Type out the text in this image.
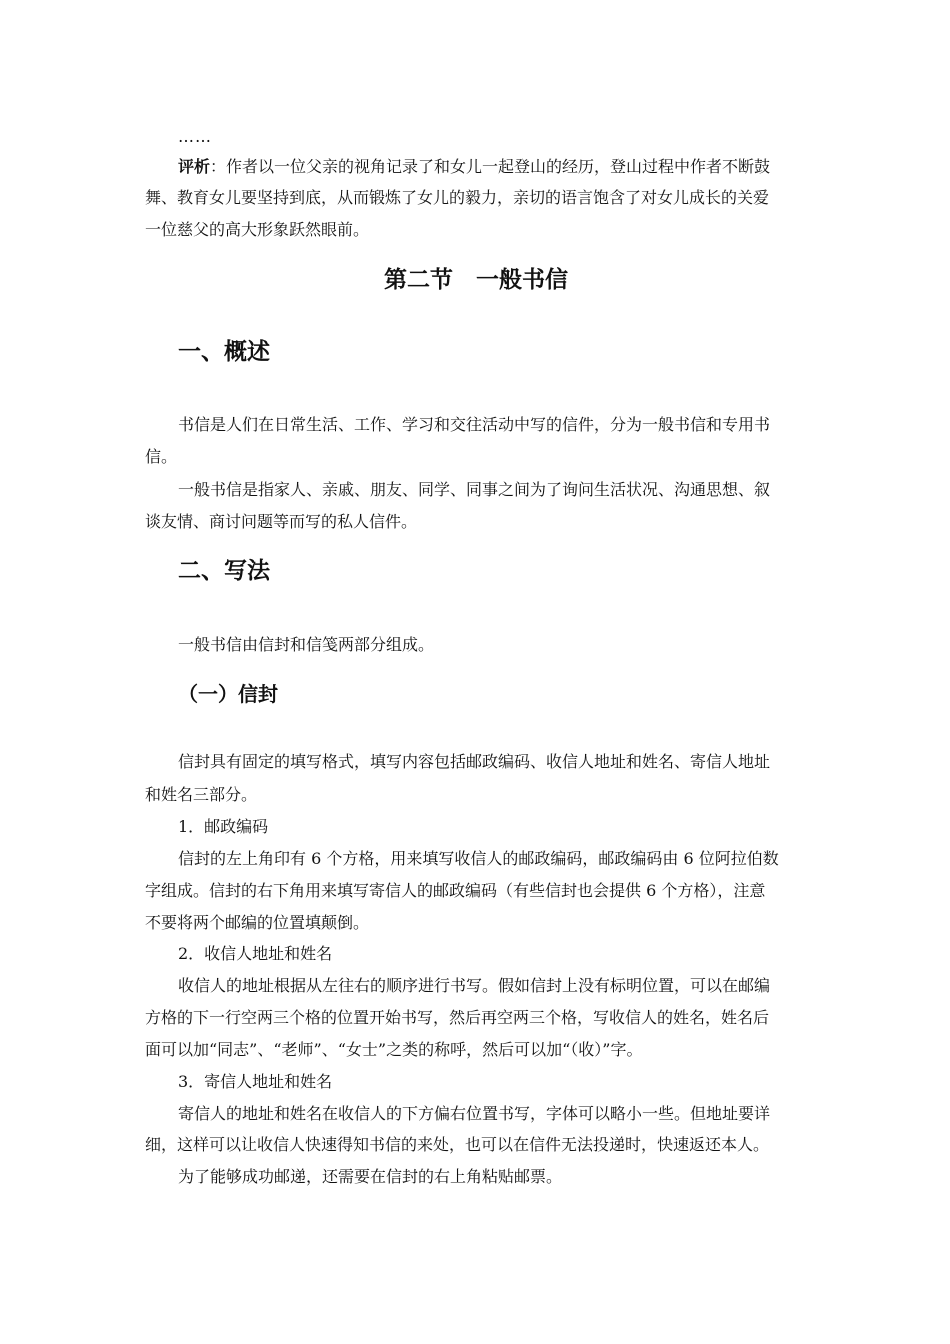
……
评析：作者以一位父亲的视角记录了和女儿一起登山的经历，登山过程中作者不断鼓
舞、教育女儿要坚持到底，从而锻炼了女儿的毅力，亲切的语言饱含了对女儿成长的关爱
一位慈父的高大形象跃然眼前。
第二节　一般书信
一、概述
书信是人们在日常生活、工作、学习和交往活动中写的信件，分为一般书信和专用书
信。
一般书信是指家人、亲戚、朋友、同学、同事之间为了询问生活状况、沟通思想、叙
谈友情、商讨问题等而写的私人信件。
二、写法
一般书信由信封和信笺两部分组成。
（一）信封
信封具有固定的填写格式，填写内容包括邮政编码、收信人地址和姓名、寄信人地址
和姓名三部分。
1．邮政编码
信封的左上角印有 6 个方格，用来填写收信人的邮政编码，邮政编码由 6 位阿拉伯数
字组成。信封的右下角用来填写寄信人的邮政编码（有些信封也会提供 6 个方格），注意
不要将两个邮编的位置填颠倒。
2．收信人地址和姓名
收信人的地址根据从左往右的顺序进行书写。假如信封上没有标明位置，可以在邮编
方格的下一行空两三个格的位置开始书写，然后再空两三个格，写收信人的姓名，姓名后
面可以加“同志”、“老师”、“女士”之类的称呼，然后可以加“（收）”字。
3．寄信人地址和姓名
寄信人的地址和姓名在收信人的下方偏右位置书写，字体可以略小一些。但地址要详
细，这样可以让收信人快速得知书信的来处，也可以在信件无法投递时，快速返还本人。
为了能够成功邮递，还需要在信封的右上角粘贴邮票。
